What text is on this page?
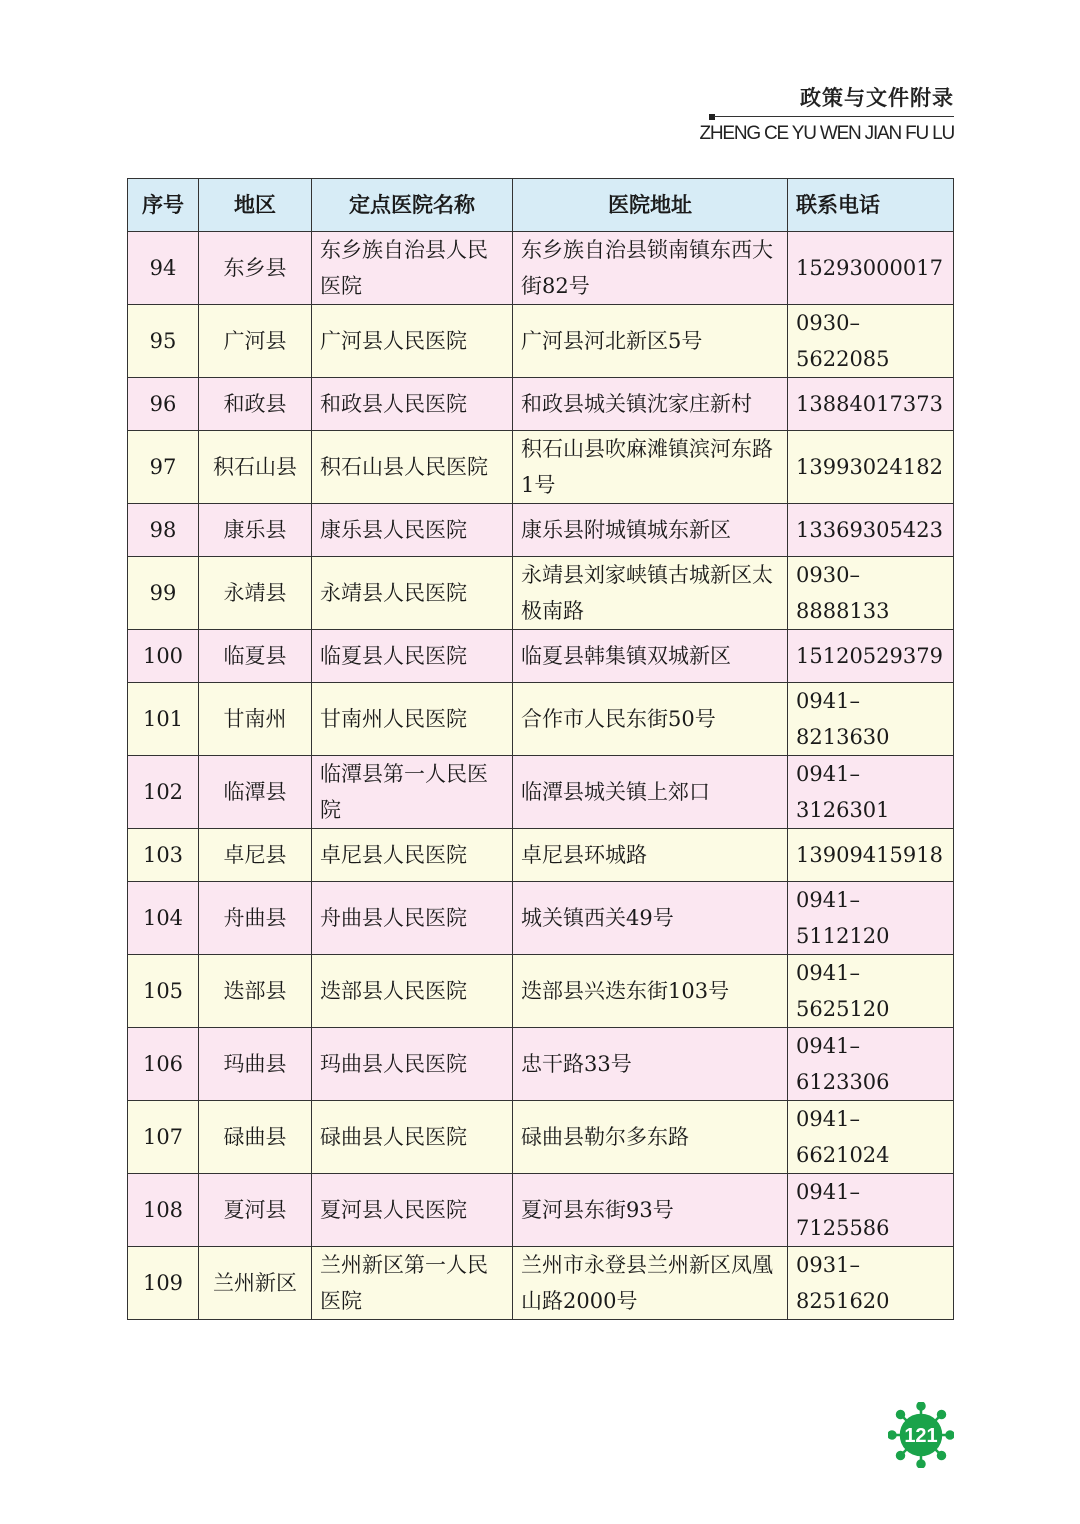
政策与文件附录
ZHENG CE YU WEN JIAN FU LU
序号	地区	定点医院名称	医院地址	联系电话
94	东乡县	东乡族自治县人民医院	东乡族自治县锁南镇东西大街82号	15293000017
95	广河县	广河县人民医院	广河县河北新区5号	0930–5622085
96	和政县	和政县人民医院	和政县城关镇沈家庄新村	13884017373
97	积石山县	积石山县人民医院	积石山县吹麻滩镇滨河东路1号	13993024182
98	康乐县	康乐县人民医院	康乐县附城镇城东新区	13369305423
99	永靖县	永靖县人民医院	永靖县刘家峡镇古城新区太极南路	0930–8888133
100	临夏县	临夏县人民医院	临夏县韩集镇双城新区	15120529379
101	甘南州	甘南州人民医院	合作市人民东街50号	0941–8213630
102	临潭县	临潭县第一人民医院	临潭县城关镇上郊口	0941–3126301
103	卓尼县	卓尼县人民医院	卓尼县环城路	13909415918
104	舟曲县	舟曲县人民医院	城关镇西关49号	0941–5112120
105	迭部县	迭部县人民医院	迭部县兴迭东街103号	0941–5625120
106	玛曲县	玛曲县人民医院	忠干路33号	0941–6123306
107	碌曲县	碌曲县人民医院	碌曲县勒尔多东路	0941–6621024
108	夏河县	夏河县人民医院	夏河县东街93号	0941–7125586
109	兰州新区	兰州新区第一人民医院	兰州市永登县兰州新区凤凰山路2000号	0931–8251620
121
